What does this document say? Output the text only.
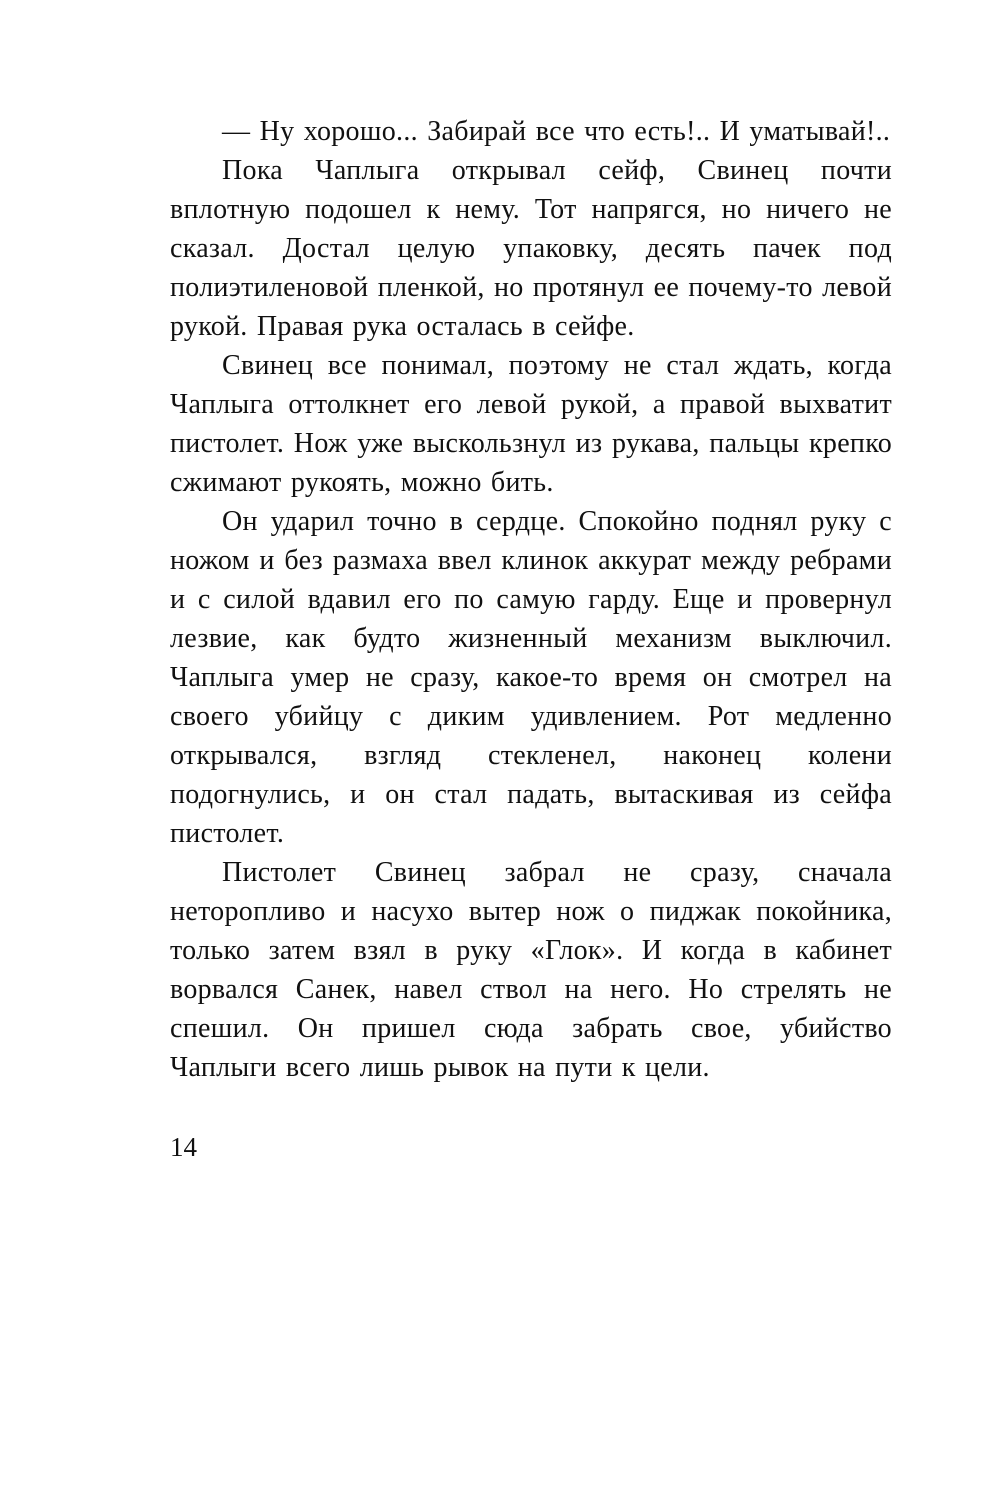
— Ну хорошо... Забирай все что есть!.. И уматывай!..

Пока Чаплыга открывал сейф, Свинец почти вплотную подошел к нему. Тот напрягся, но ничего не сказал. Достал целую упаковку, десять пачек под полиэтиленовой пленкой, но протянул ее почему-то левой рукой. Правая рука осталась в сейфе.

Свинец все понимал, поэтому не стал ждать, когда Чаплыга оттолкнет его левой рукой, а правой выхватит пистолет. Нож уже выскользнул из рукава, пальцы крепко сжимают рукоять, можно бить.

Он ударил точно в сердце. Спокойно поднял руку с ножом и без размаха ввел клинок аккурат между ребрами и с силой вдавил его по самую гарду. Еще и провернул лезвие, как будто жизненный механизм выключил. Чаплыга умер не сразу, какое-то время он смотрел на своего убийцу с диким удивлением. Рот медленно открывался, взгляд стекленел, наконец колени подогнулись, и он стал падать, вытаскивая из сейфа пистолет.

Пистолет Свинец забрал не сразу, сначала неторопливо и насухо вытер нож о пиджак покойника, только затем взял в руку «Глок». И когда в кабинет ворвался Санек, навел ствол на него. Но стрелять не спешил. Он пришел сюда забрать свое, убийство Чаплыги всего лишь рывок на пути к цели.

14
